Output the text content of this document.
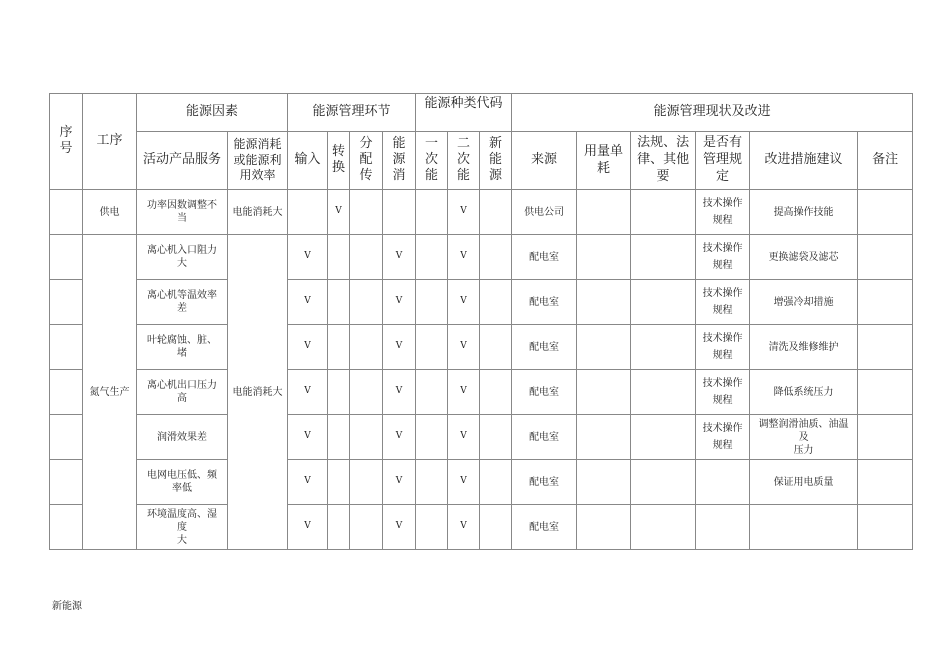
序号	工序	能源因素		能源管理环节				能源种类代码			能源管理现状及改进					
		活动产品服务	能源消耗或能源利用效率	输入	转换	分配传	能源消	一次能	二次能	新能源	来源	用量单耗	法规、法律、其他要	是否有管理规定	改进措施建议	备注
	供电	功率因数调整不当	电能消耗大		V				V		供电公司			技术操作规程	提高操作技能	
	氮气生产	离心机入口阻力大	电能消耗大	V			V		V		配电室			技术操作规程	更换滤袋及滤芯	
		离心机等温效率差		V			V		V		配电室			技术操作规程	增强冷却措施	
		叶轮腐蚀、脏、堵		V			V		V		配电室			技术操作规程	清洗及维修维护	
		离心机出口压力高		V			V		V		配电室			技术操作规程	降低系统压力	
		润滑效果差		V			V		V		配电室			技术操作规程	调整润滑油质、油温及
压力	
		电网电压低、频率低		V			V		V		配电室				保证用电质量	
		环境温度高、湿度
大		V			V		V		配电室					
新能源
